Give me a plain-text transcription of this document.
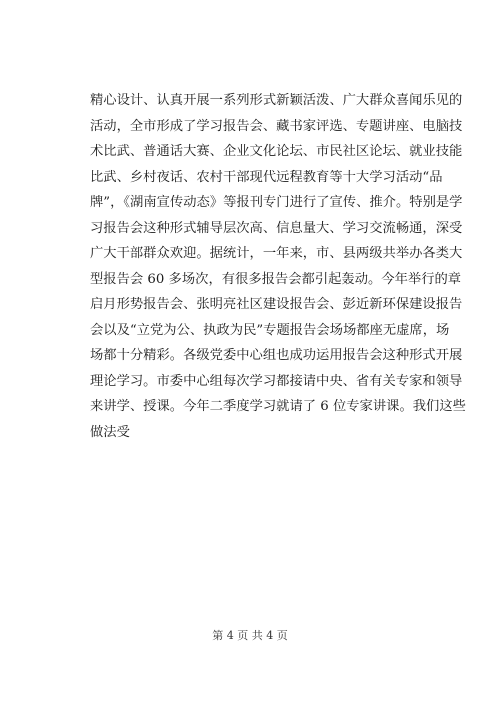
精心设计、认真开展一系列形式新颖活泼、广大群众喜闻乐见的
活动，全市形成了学习报告会、藏书家评选、专题讲座、电脑技
术比武、普通话大赛、企业文化论坛、市民社区论坛、就业技能
比武、乡村夜话、农村干部现代远程教育等十大学习活动“品
牌”，《湖南宣传动态》等报刊专门进行了宣传、推介。特别是学
习报告会这种形式辅导层次高、信息量大、学习交流畅通，深受
广大干部群众欢迎。据统计，一年来，市、县两级共举办各类大
型报告会 60 多场次，有很多报告会都引起轰动。今年举行的章
启月形势报告会、张明亮社区建设报告会、彭近新环保建设报告
会以及“立党为公、执政为民”专题报告会场场都座无虚席，场
场都十分精彩。各级党委中心组也成功运用报告会这种形式开展
理论学习。市委中心组每次学习都接请中央、省有关专家和领导
来讲学、授课。今年二季度学习就请了 6 位专家讲课。我们这些
做法受
第 4 页 共 4 页
